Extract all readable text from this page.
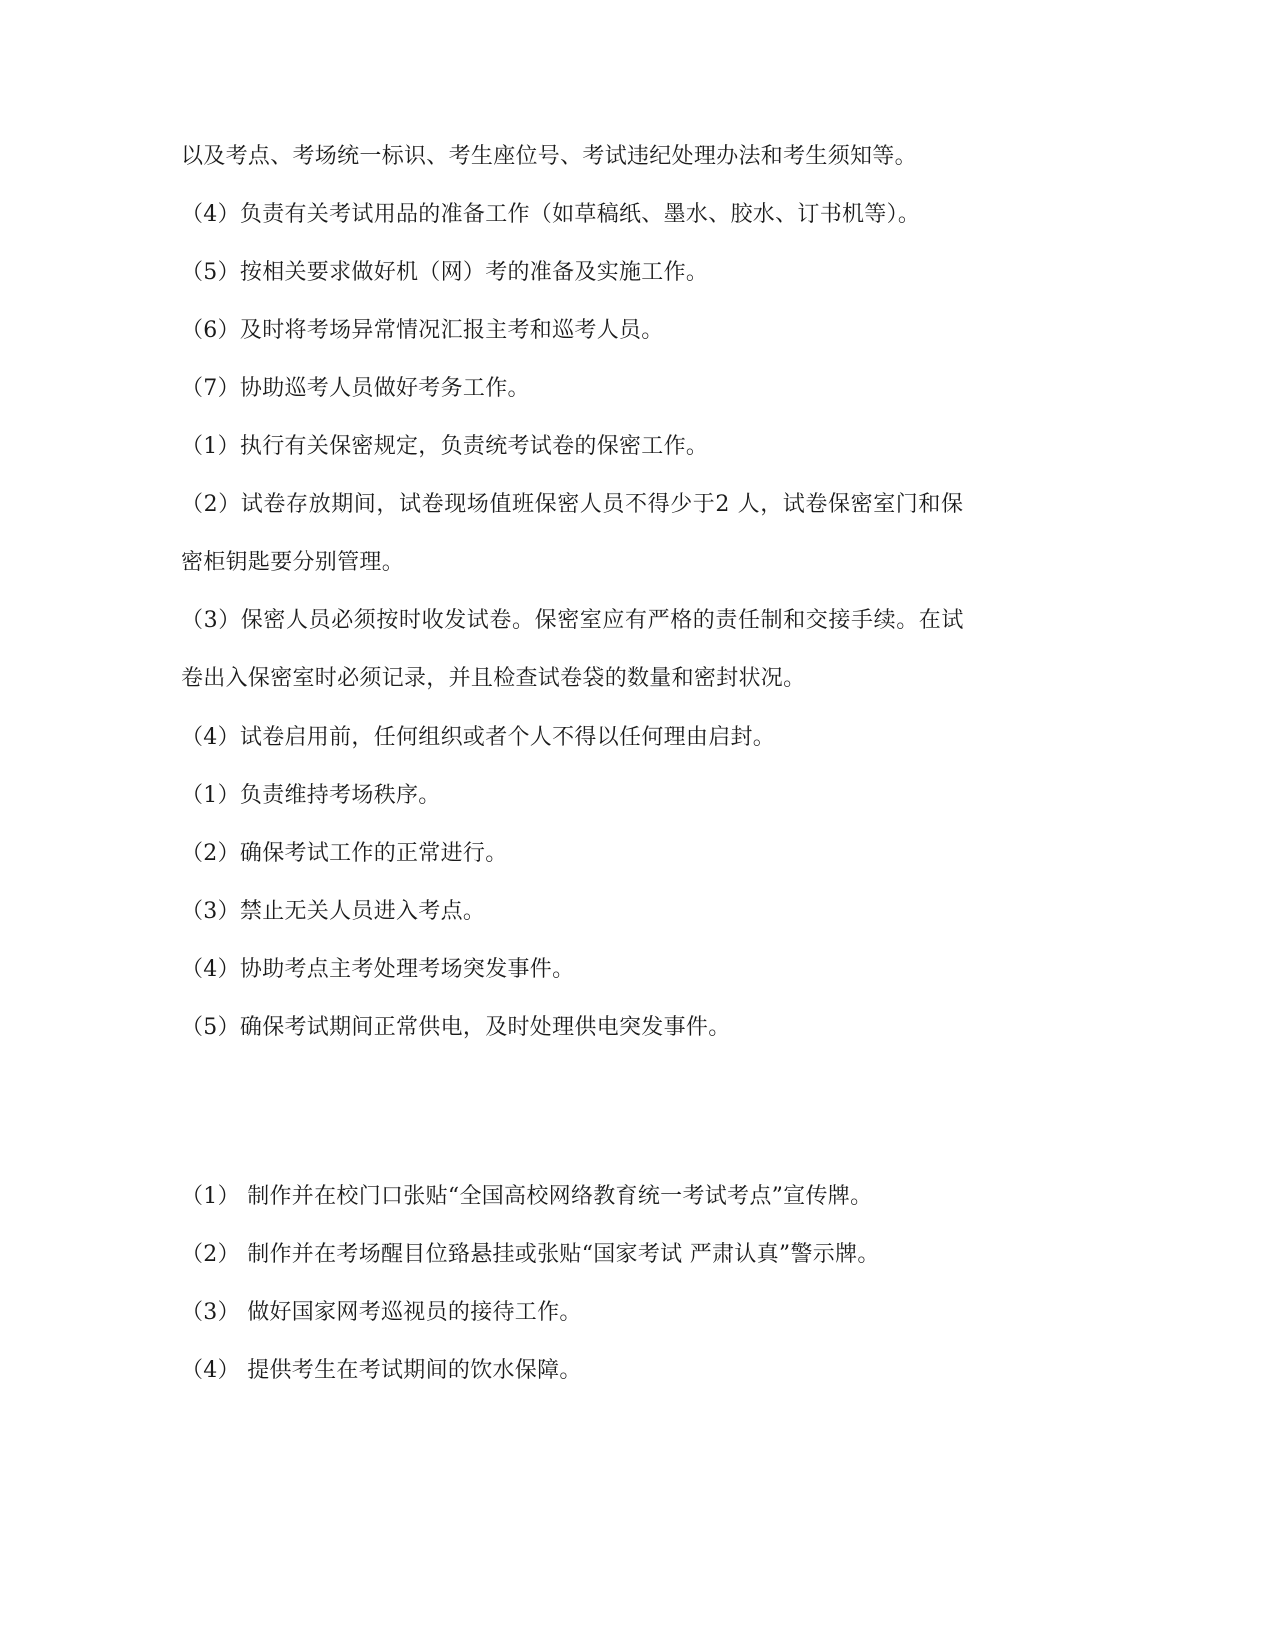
以及考点、考场统一标识、考生座位号、考试违纪处理办法和考生须知等。
（4）负责有关考试用品的准备工作（如草稿纸、墨水、胶水、订书机等）。
（5）按相关要求做好机（网）考的准备及实施工作。
（6）及时将考场异常情况汇报主考和巡考人员。
（7）协助巡考人员做好考务工作。
（1）执行有关保密规定，负责统考试卷的保密工作。
（2）试卷存放期间，试卷现场值班保密人员不得少于2 人，试卷保密室门和保
密柜钥匙要分别管理。
（3）保密人员必须按时收发试卷。保密室应有严格的责任制和交接手续。在试
卷出入保密室时必须记录，并且检查试卷袋的数量和密封状况。
（4）试卷启用前，任何组织或者个人不得以任何理由启封。
（1）负责维持考场秩序。
（2）确保考试工作的正常进行。
（3）禁止无关人员进入考点。
（4）协助考点主考处理考场突发事件。
（5）确保考试期间正常供电，及时处理供电突发事件。
（1） 制作并在校门口张贴“全国高校网络教育统一考试考点”宣传牌。
（2） 制作并在考场醒目位臵悬挂或张贴“国家考试 严肃认真”警示牌。
（3） 做好国家网考巡视员的接待工作。
（4） 提供考生在考试期间的饮水保障。
